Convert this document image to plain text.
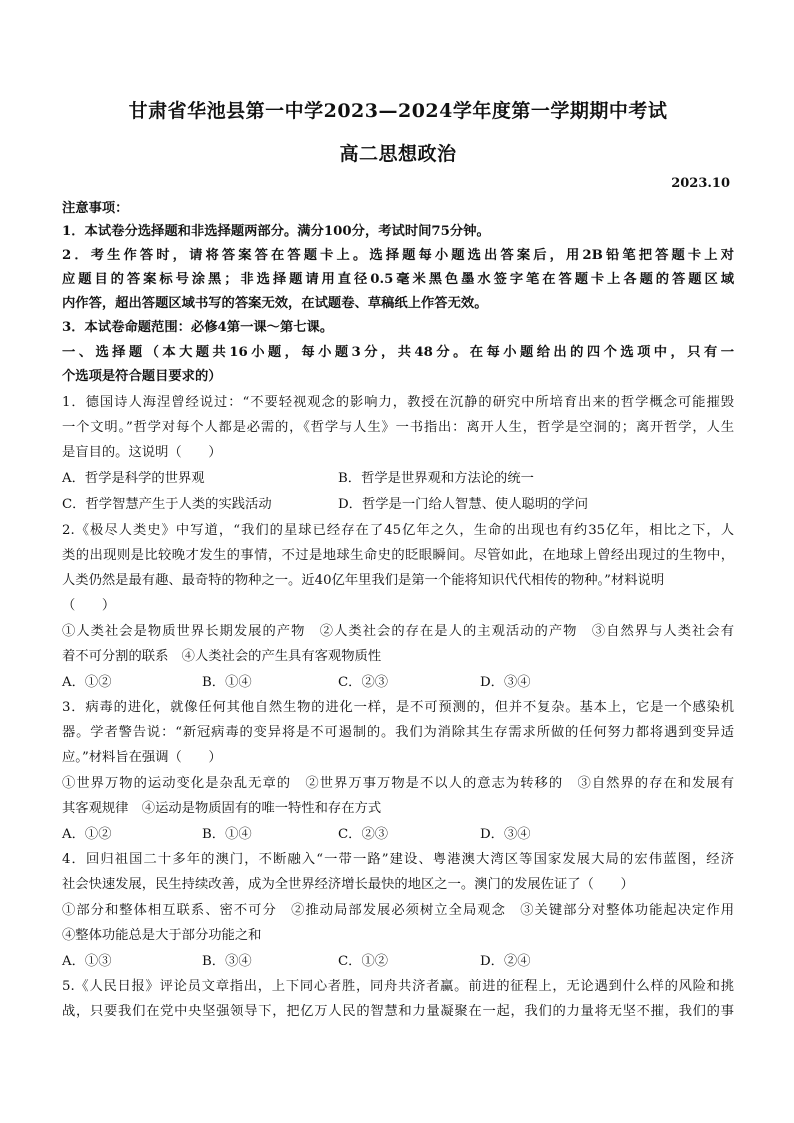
甘肃省华池县第一中学2023—2024学年度第一学期期中考试
高二思想政治
2023.10
注意事项：
1．本试卷分选择题和非选择题两部分。满分100分，考试时间75分钟。
2．考生作答时，请将答案答在答题卡上。选择题每小题选出答案后，用2B铅笔把答题卡上对
应题目的答案标号涂黑；非选择题请用直径0.5毫米黑色墨水签字笔在答题卡上各题的答题区域
内作答，超出答题区域书写的答案无效，在试题卷、草稿纸上作答无效。
3．本试卷命题范围：必修4第一课～第七课。
一、选择题（本大题共16小题，每小题3分，共48分。在每小题给出的四个选项中，只有一
个选项是符合题目要求的）
1．德国诗人海涅曾经说过：“不要轻视观念的影响力，教授在沉静的研究中所培育出来的哲学概念可能摧毁
一个文明。”哲学对每个人都是必需的，《哲学与人生》一书指出：离开人生，哲学是空洞的；离开哲学，人生
是盲目的。这说明（　　）
A．哲学是科学的世界观	B．哲学是世界观和方法论的统一
C．哲学智慧产生于人类的实践活动	D．哲学是一门给人智慧、使人聪明的学问
2.《极尽人类史》中写道，“我们的星球已经存在了45亿年之久，生命的出现也有约35亿年，相比之下，人
类的出现则是比较晚才发生的事情，不过是地球生命史的眨眼瞬间。尽管如此，在地球上曾经出现过的生物中，
人类仍然是最有趣、最奇特的物种之一。近40亿年里我们是第一个能将知识代代相传的物种。”材料说明
（　　）
①人类社会是物质世界长期发展的产物　②人类社会的存在是人的主观活动的产物　③自然界与人类社会有
着不可分割的联系　④人类社会的产生具有客观物质性
A．①②	B．①④	C．②③	D．③④
3．病毒的进化，就像任何其他自然生物的进化一样，是不可预测的，但并不复杂。基本上，它是一个感染机
器。学者警告说：“新冠病毒的变异将是不可遏制的。我们为消除其生存需求所做的任何努力都将遇到变异适
应。”材料旨在强调（　　）
①世界万物的运动变化是杂乱无章的　②世界万事万物是不以人的意志为转移的　③自然界的存在和发展有
其客观规律　④运动是物质固有的唯一特性和存在方式
A．①②	B．①④	C．②③	D．③④
4．回归祖国二十多年的澳门，不断融入“一带一路”建设、粤港澳大湾区等国家发展大局的宏伟蓝图，经济
社会快速发展，民生持续改善，成为全世界经济增长最快的地区之一。澳门的发展佐证了（　　）
①部分和整体相互联系、密不可分　②推动局部发展必须树立全局观念　③关键部分对整体功能起决定作用
④整体功能总是大于部分功能之和
A．①③	B．③④	C．①②	D．②④
5.《人民日报》评论员文章指出，上下同心者胜，同舟共济者赢。前进的征程上，无论遇到什么样的风险和挑
战，只要我们在党中央坚强领导下，把亿万人民的智慧和力量凝聚在一起，我们的力量将无坚不摧，我们的事
